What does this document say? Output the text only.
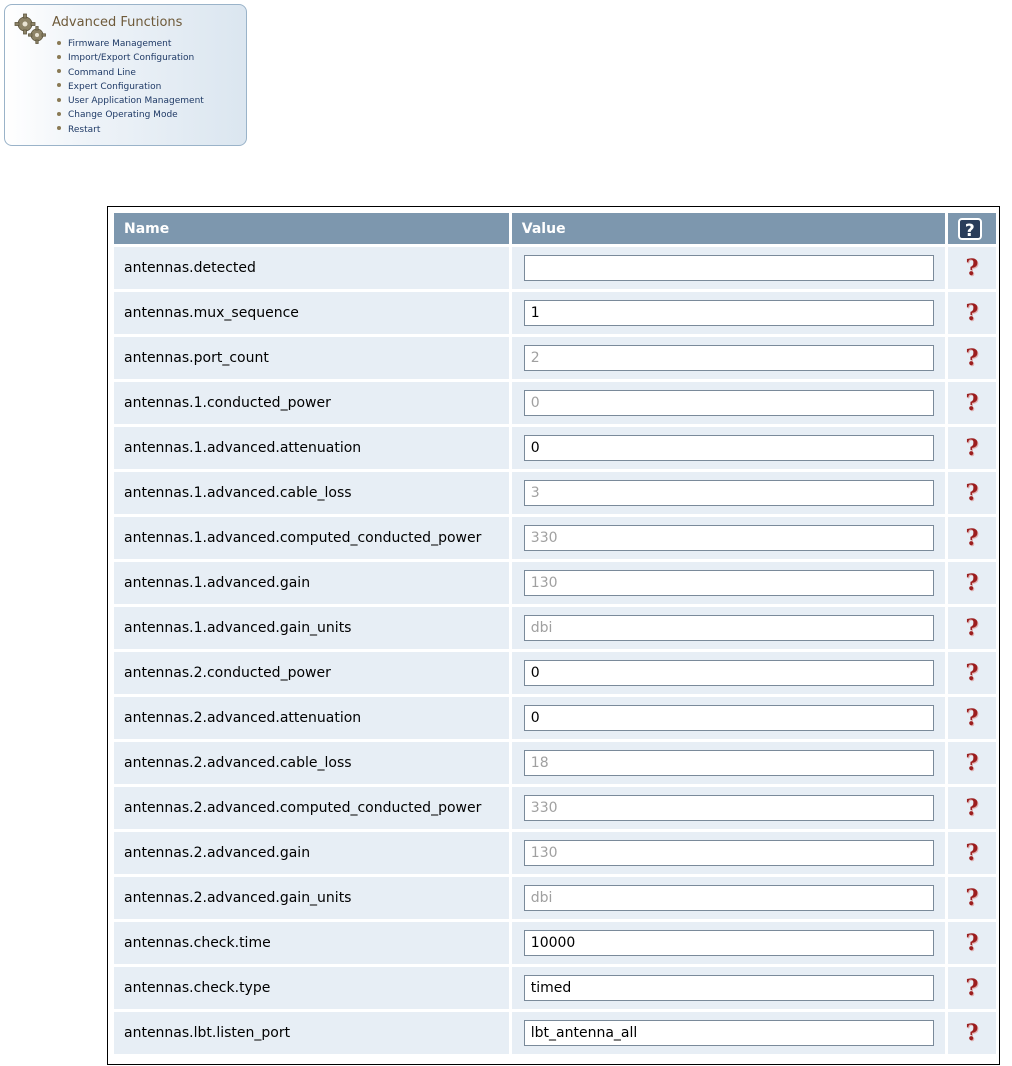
Advanced Functions
Firmware Management
Import/Export Configuration
Command Line
Expert Configuration
User Application Management
Change Operating Mode
Restart
Name	Value	?
antennas.detected		?
antennas.mux_sequence	1	?
antennas.port_count	2	?
antennas.1.conducted_power	0	?
antennas.1.advanced.attenuation	0	?
antennas.1.advanced.cable_loss	3	?
antennas.1.advanced.computed_conducted_power	330	?
antennas.1.advanced.gain	130	?
antennas.1.advanced.gain_units	dbi	?
antennas.2.conducted_power	0	?
antennas.2.advanced.attenuation	0	?
antennas.2.advanced.cable_loss	18	?
antennas.2.advanced.computed_conducted_power	330	?
antennas.2.advanced.gain	130	?
antennas.2.advanced.gain_units	dbi	?
antennas.check.time	10000	?
antennas.check.type	timed	?
antennas.lbt.listen_port	lbt_antenna_all	?
